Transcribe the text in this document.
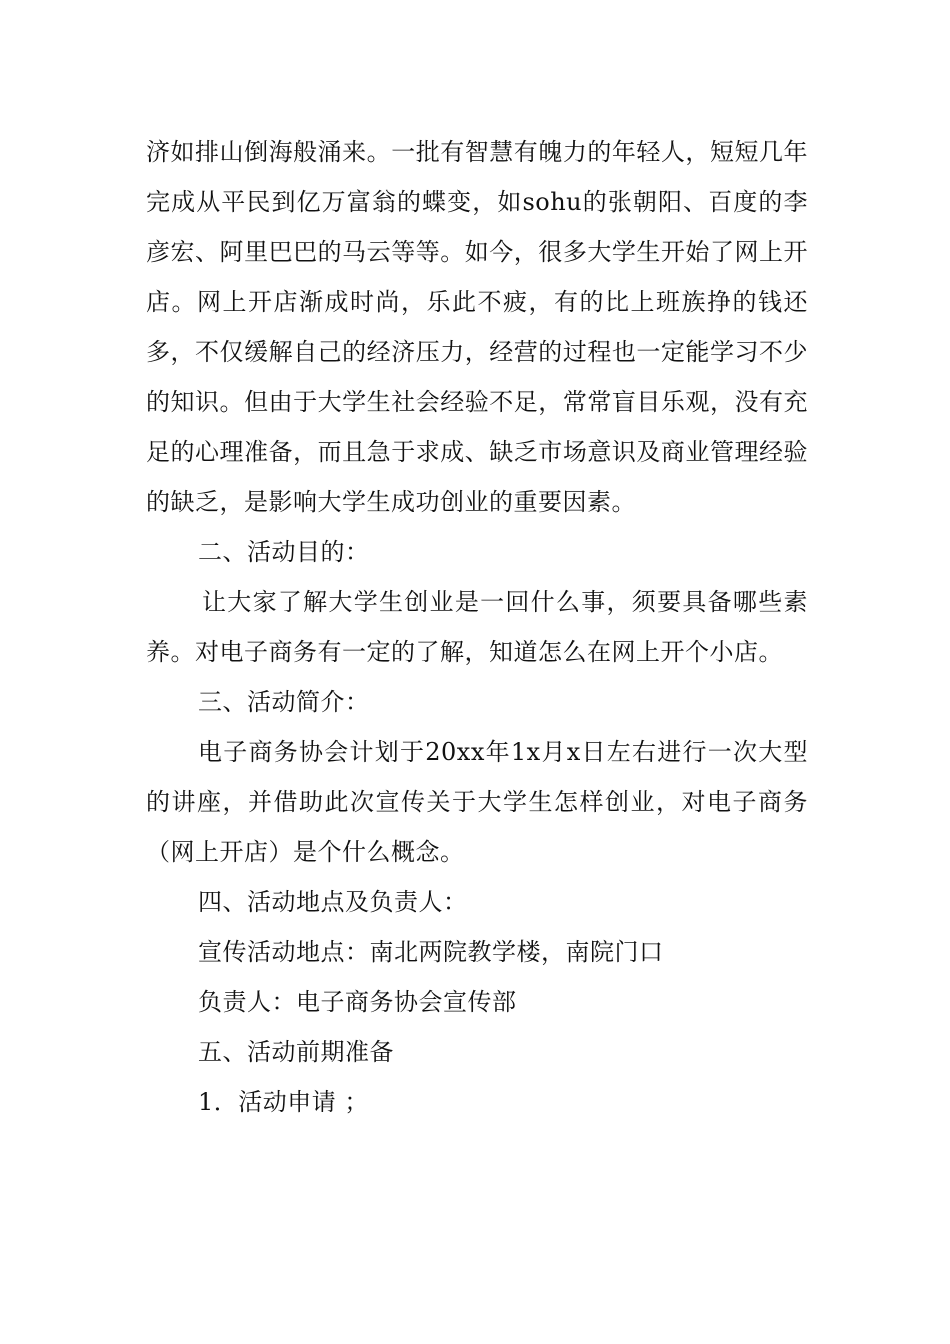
济如排山倒海般涌来。一批有智慧有魄力的年轻人，短短几年完成从平民到亿万富翁的蝶变，如sohu的张朝阳、百度的李彦宏、阿里巴巴的马云等等。如今，很多大学生开始了网上开店。网上开店渐成时尚，乐此不疲，有的比上班族挣的钱还多，不仅缓解自己的经济压力，经营的过程也一定能学习不少的知识。但由于大学生社会经验不足，常常盲目乐观，没有充足的心理准备，而且急于求成、缺乏市场意识及商业管理经验的缺乏，是影响大学生成功创业的重要因素。

二、活动目的：

让大家了解大学生创业是一回什么事，须要具备哪些素养。对电子商务有一定的了解，知道怎么在网上开个小店。

三、活动简介：

电子商务协会计划于20xx年1x月x日左右进行一次大型的讲座，并借助此次宣传关于大学生怎样创业，对电子商务（网上开店）是个什么概念。

四、活动地点及负责人：

宣传活动地点：南北两院教学楼，南院门口

负责人：电子商务协会宣传部

五、活动前期准备

1．活动申请 ；
